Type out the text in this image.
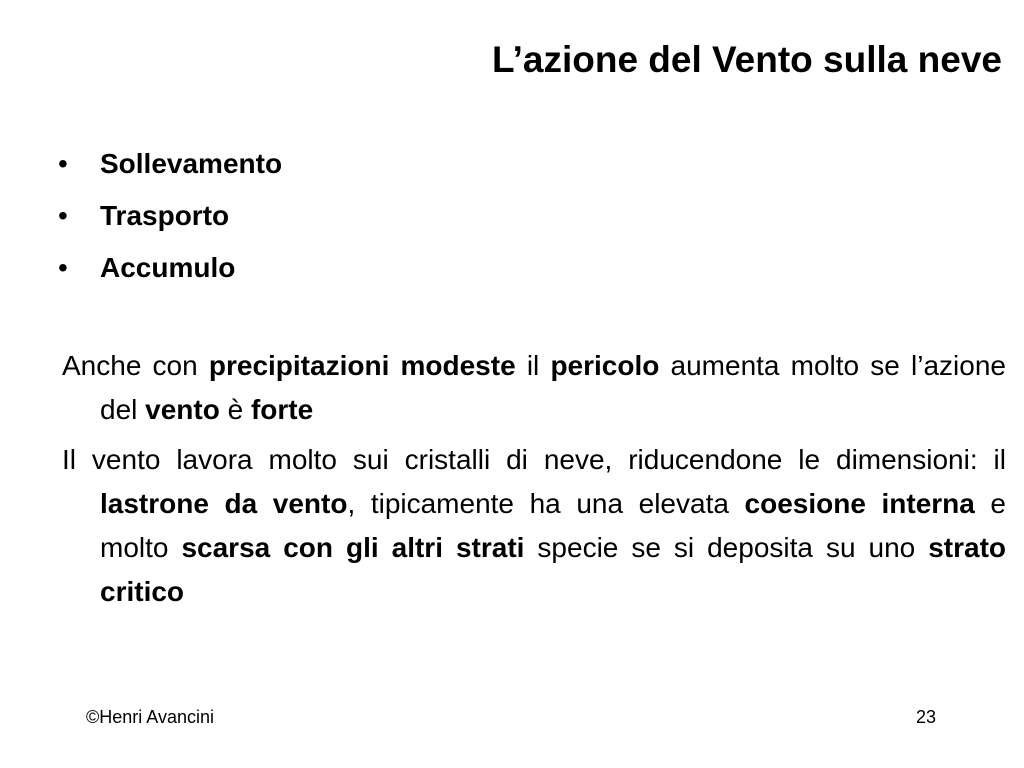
L’azione del Vento sulla neve
• Sollevamento
• Trasporto
• Accumulo

Anche con precipitazioni modeste il pericolo aumenta molto se l’azione del vento è forte

Il vento lavora molto sui cristalli di neve, riducendone le dimensioni: il lastrone da vento, tipicamente ha una elevata coesione interna e molto scarsa con gli altri strati specie se si deposita su uno strato critico

©Henri Avancini	23
